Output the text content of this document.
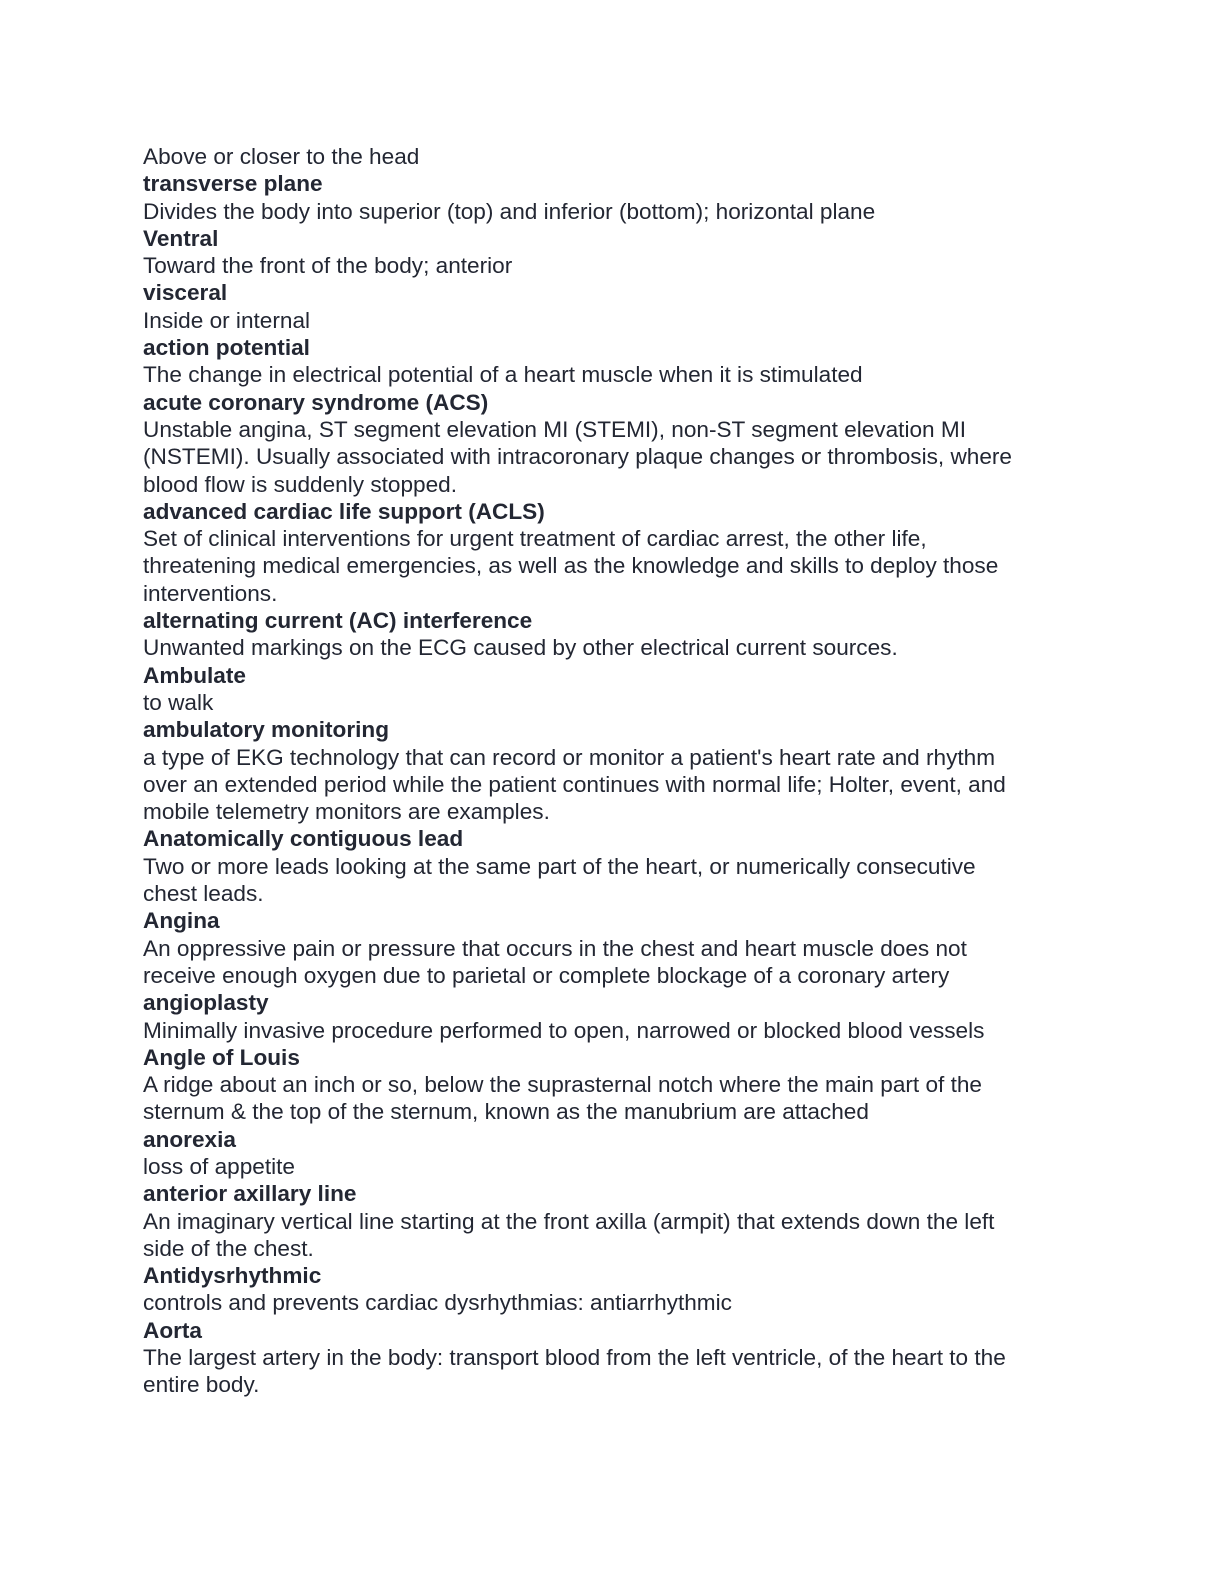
Above or closer to the head

transverse plane

Divides the body into superior (top) and inferior (bottom); horizontal plane

Ventral

Toward the front of the body; anterior

visceral

Inside or internal

action potential

The change in electrical potential of a heart muscle when it is stimulated

acute coronary syndrome (ACS)

Unstable angina, ST segment elevation MI (STEMI), non-ST segment elevation MI

(NSTEMI). Usually associated with intracoronary plaque changes or thrombosis, where

blood flow is suddenly stopped.

advanced cardiac life support (ACLS)

Set of clinical interventions for urgent treatment of cardiac arrest, the other life,

threatening medical emergencies, as well as the knowledge and skills to deploy those

interventions.

alternating current (AC) interference

Unwanted markings on the ECG caused by other electrical current sources.

Ambulate

to walk

ambulatory monitoring

a type of EKG technology that can record or monitor a patient's heart rate and rhythm

over an extended period while the patient continues with normal life; Holter, event, and

mobile telemetry monitors are examples.

Anatomically contiguous lead

Two or more leads looking at the same part of the heart, or numerically consecutive

chest leads.

Angina

An oppressive pain or pressure that occurs in the chest and heart muscle does not

receive enough oxygen due to parietal or complete blockage of a coronary artery

angioplasty

Minimally invasive procedure performed to open, narrowed or blocked blood vessels

Angle of Louis

A ridge about an inch or so, below the suprasternal notch where the main part of the

sternum & the top of the sternum, known as the manubrium are attached

anorexia

loss of appetite

anterior axillary line

An imaginary vertical line starting at the front axilla (armpit) that extends down the left

side of the chest.

Antidysrhythmic

controls and prevents cardiac dysrhythmias: antiarrhythmic

Aorta

The largest artery in the body: transport blood from the left ventricle, of the heart to the

entire body.
